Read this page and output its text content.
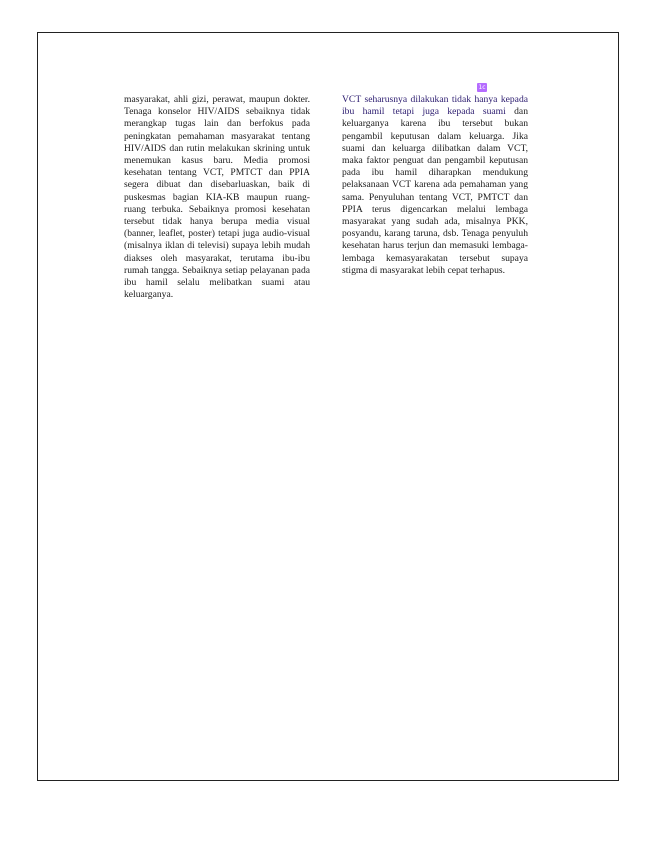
1c
masyarakat, ahli gizi, perawat, maupun dokter. Tenaga konselor HIV/AIDS sebaiknya tidak merangkap tugas lain dan berfokus pada peningkatan pemahaman masyarakat tentang HIV/AIDS dan rutin melakukan skrining untuk menemukan kasus baru. Media promosi kesehatan tentang VCT, PMTCT dan PPIA segera dibuat dan disebarluaskan, baik di puskesmas bagian KIA-KB maupun ruang-ruang terbuka. Sebaiknya promosi kesehatan tersebut tidak hanya berupa media visual (banner, leaflet, poster) tetapi juga audio-visual (misalnya iklan di televisi) supaya lebih mudah diakses oleh masyarakat, terutama ibu-ibu rumah tangga. Sebaiknya setiap pelayanan pada ibu hamil selalu melibatkan suami atau keluarganya.
VCT seharusnya dilakukan tidak hanya kepada ibu hamil tetapi juga kepada suami dan keluarganya karena ibu tersebut bukan pengambil keputusan dalam keluarga. Jika suami dan keluarga dilibatkan dalam VCT, maka faktor penguat dan pengambil keputusan pada ibu hamil diharapkan mendukung pelaksanaan VCT karena ada pemahaman yang sama. Penyuluhan tentang VCT, PMTCT dan PPIA terus digencarkan melalui lembaga masyarakat yang sudah ada, misalnya PKK, posyandu, karang taruna, dsb. Tenaga penyuluh kesehatan harus terjun dan memasuki lembaga-lembaga kemasyarakatan tersebut supaya stigma di masyarakat lebih cepat terhapus.
